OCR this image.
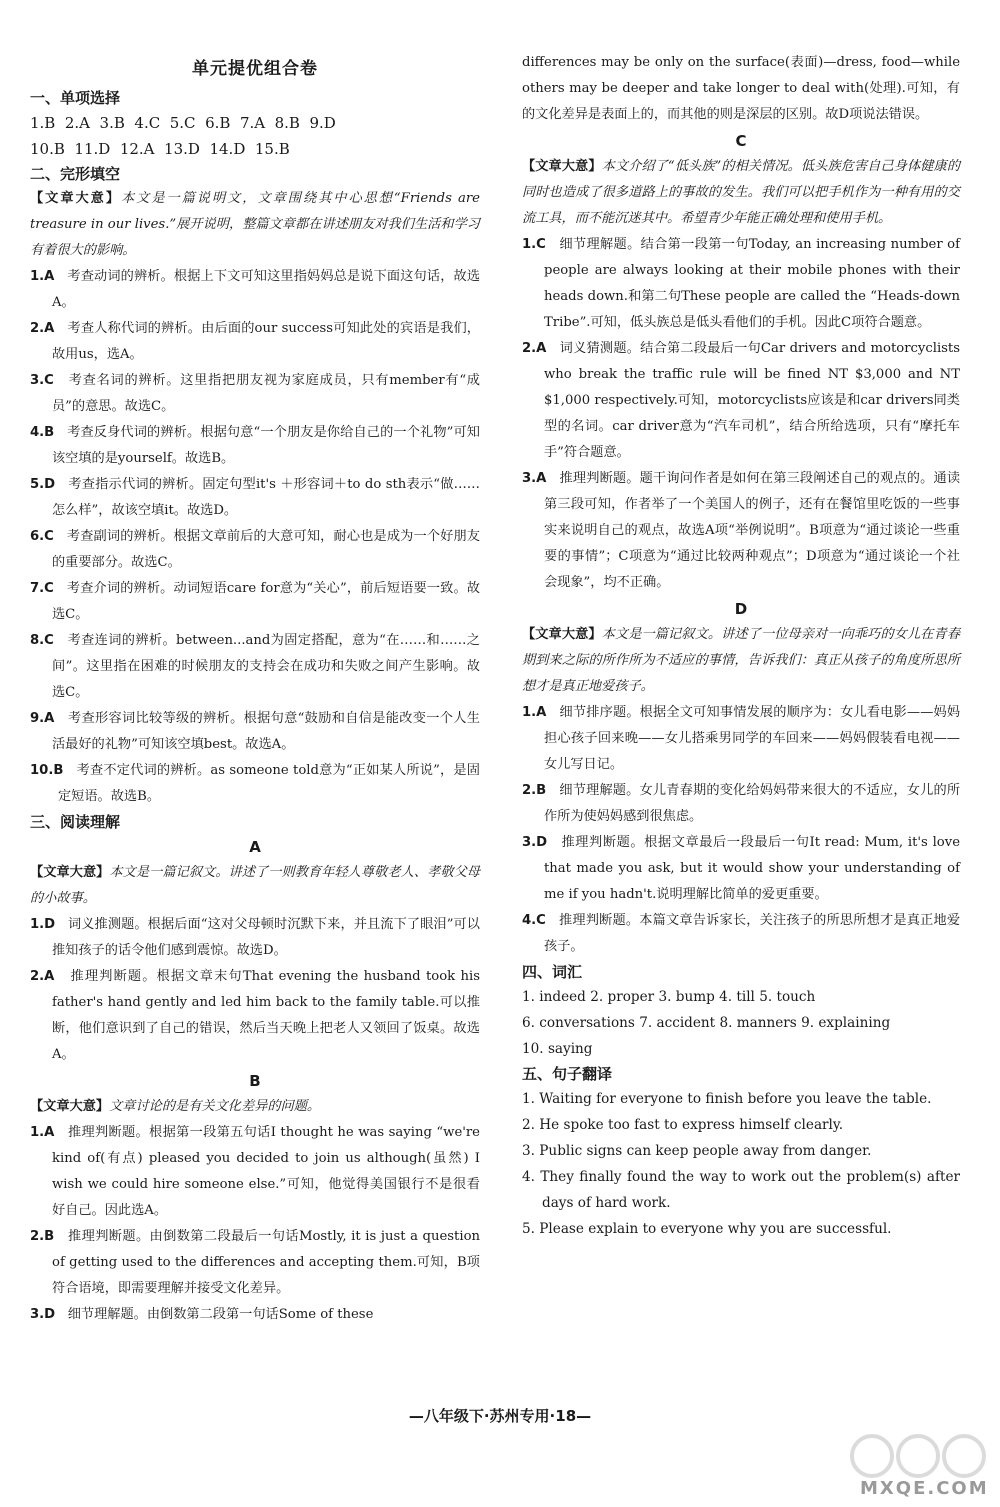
单元提优组合卷
一、单项选择
1.B  2.A  3.B  4.C  5.C  6.B  7.A  8.B  9.D
10.B  11.D  12.A  13.D  14.D  15.B
二、完形填空
【文章大意】本文是一篇说明文，文章围绕其中心思想“Friends are treasure in our lives.”展开说明，整篇文章都在讲述朋友对我们生活和学习有着很大的影响。
1.A 考查动词的辨析。根据上下文可知这里指妈妈总是说下面这句话，故选A。
2.A 考查人称代词的辨析。由后面的our success可知此处的宾语是我们，故用us，选A。
3.C 考查名词的辨析。这里指把朋友视为家庭成员，只有member有“成员”的意思。故选C。
4.B 考查反身代词的辨析。根据句意“一个朋友是你给自己的一个礼物”可知该空填的是yourself。故选B。
5.D 考查指示代词的辨析。固定句型it's ＋形容词＋to do sth表示“做……怎么样”，故该空填it。故选D。
6.C 考查副词的辨析。根据文章前后的大意可知，耐心也是成为一个好朋友的重要部分。故选C。
7.C 考查介词的辨析。动词短语care for意为“关心”，前后短语要一致。故选C。
8.C 考查连词的辨析。between...and为固定搭配，意为“在……和……之间”。这里指在困难的时候朋友的支持会在成功和失败之间产生影响。故选C。
9.A 考查形容词比较等级的辨析。根据句意“鼓励和自信是能改变一个人生活最好的礼物”可知该空填best。故选A。
10.B 考查不定代词的辨析。as someone told意为“正如某人所说”，是固定短语。故选B。
三、阅读理解
A
【文章大意】本文是一篇记叙文。讲述了一则教育年轻人尊敬老人、孝敬父母的小故事。
1.D 词义推测题。根据后面“这对父母顿时沉默下来，并且流下了眼泪”可以推知孩子的话令他们感到震惊。故选D。
2.A 推理判断题。根据文章末句That evening the husband took his father's hand gently and led him back to the family table.可以推断，他们意识到了自己的错误，然后当天晚上把老人又领回了饭桌。故选A。
B
【文章大意】文章讨论的是有关文化差异的问题。
1.A 推理判断题。根据第一段第五句话I thought he was saying “we're kind of(有点) pleased you decided to join us although(虽然) I wish we could hire someone else.”可知，他觉得美国银行不是很看好自己。因此选A。
2.B 推理判断题。由倒数第二段最后一句话Mostly, it is just a question of getting used to the differences and accepting them.可知，B项符合语境，即需要理解并接受文化差异。
3.D 细节理解题。由倒数第二段第一句话Some of these
differences may be only on the surface(表面)—dress, food—while others may be deeper and take longer to deal with(处理).可知，有的文化差异是表面上的，而其他的则是深层的区别。故D项说法错误。
C
【文章大意】本文介绍了“低头族”的相关情况。低头族危害自己身体健康的同时也造成了很多道路上的事故的发生。我们可以把手机作为一种有用的交流工具，而不能沉迷其中。希望青少年能正确处理和使用手机。
1.C 细节理解题。结合第一段第一句Today, an increasing number of people are always looking at their mobile phones with their heads down.和第二句These people are called the “Heads-down Tribe”.可知，低头族总是低头看他们的手机。因此C项符合题意。
2.A 词义猜测题。结合第二段最后一句Car drivers and motorcyclists who break the traffic rule will be fined NT $3,000 and NT $1,000 respectively.可知，motorcyclists应该是和car drivers同类型的名词。car driver意为“汽车司机”，结合所给选项，只有“摩托车手”符合题意。
3.A 推理判断题。题干询问作者是如何在第三段阐述自己的观点的。通读第三段可知，作者举了一个美国人的例子，还有在餐馆里吃饭的一些事实来说明自己的观点，故选A项“举例说明”。B项意为“通过谈论一些重要的事情”；C项意为“通过比较两种观点”；D项意为“通过谈论一个社会现象”，均不正确。
D
【文章大意】本文是一篇记叙文。讲述了一位母亲对一向乖巧的女儿在青春期到来之际的所作所为不适应的事情，告诉我们：真正从孩子的角度所思所想才是真正地爱孩子。
1.A 细节排序题。根据全文可知事情发展的顺序为：女儿看电影——妈妈担心孩子回来晚——女儿搭乘男同学的车回来——妈妈假装看电视——女儿写日记。
2.B 细节理解题。女儿青春期的变化给妈妈带来很大的不适应，女儿的所作所为使妈妈感到很焦虑。
3.D 推理判断题。根据文章最后一段最后一句It read: Mum, it's love that made you ask, but it would show your understanding of me if you hadn't.说明理解比简单的爱更重要。
4.C 推理判断题。本篇文章告诉家长，关注孩子的所思所想才是真正地爱孩子。
四、词汇
1. indeed 2. proper 3. bump 4. till 5. touch
6. conversations 7. accident 8. manners 9. explaining
10. saying
五、句子翻译
1. Waiting for everyone to finish before you leave the table.
2. He spoke too fast to express himself clearly.
3. Public signs can keep people away from danger.
4. They finally found the way to work out the problem(s) after days of hard work.
5. Please explain to everyone why you are successful.
—八年级下·苏州专用·18—
MXQE.COM
